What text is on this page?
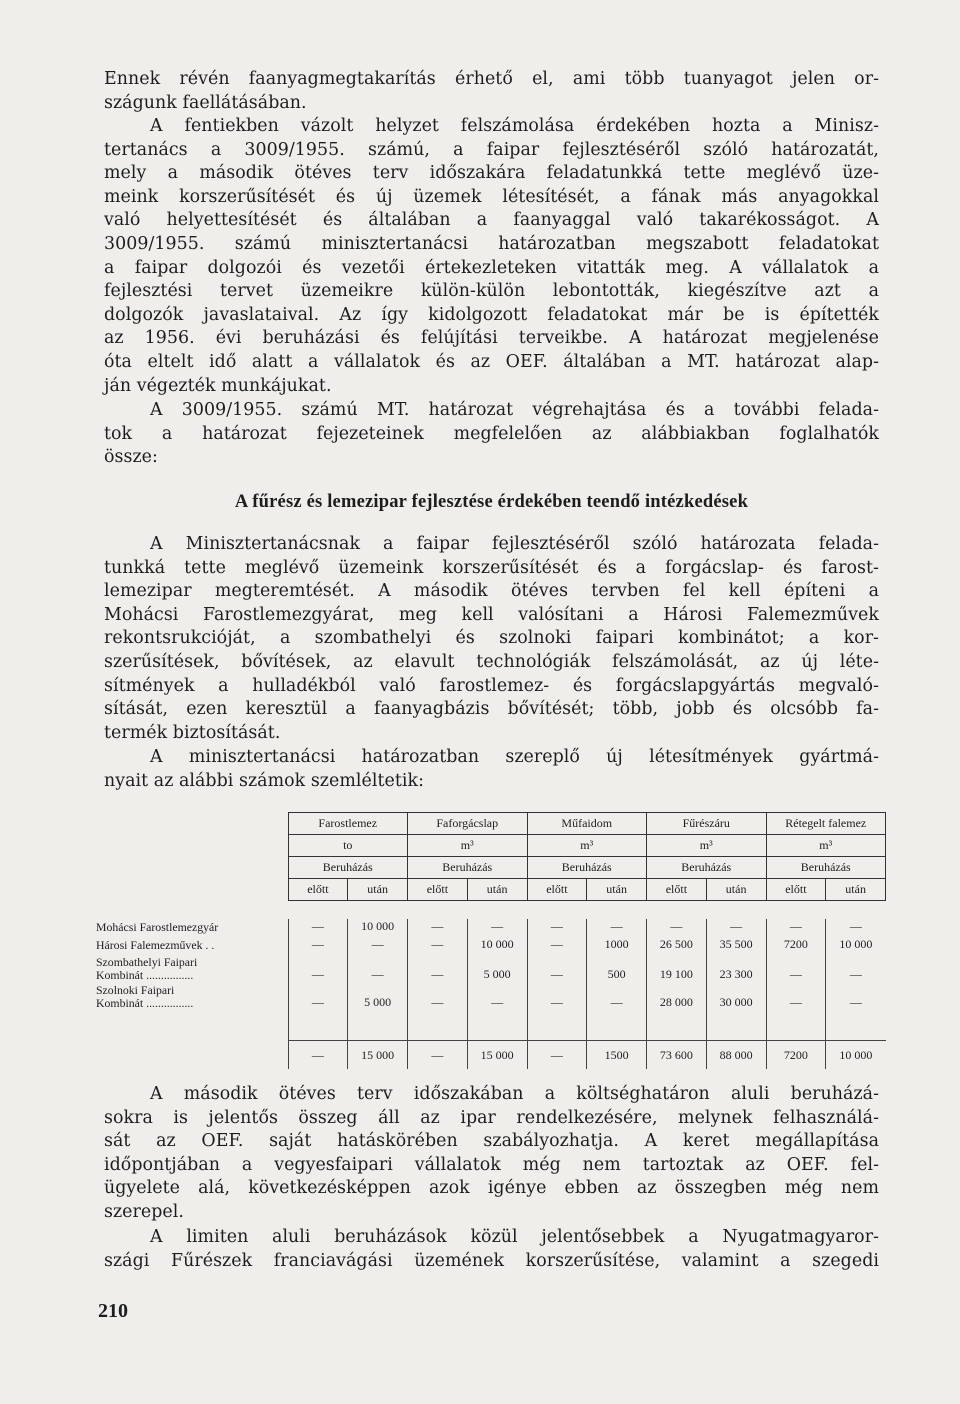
Ennek révén faanyagmegtakarítás érhető el, ami több tuanyagot jelen or-
szágunk faellátásában.
A fentiekben vázolt helyzet felszámolása érdekében hozta a Minisz-
tertanács a 3009/1955. számú, a faipar fejlesztéséről szóló határozatát,
mely a második ötéves terv időszakára feladatunkká tette meglévő üze-
meink korszerűsítését és új üzemek létesítését, a fának más anyagokkal
való helyettesítését és általában a faanyaggal való takarékosságot. A
3009/1955. számú minisztertanácsi határozatban megszabott feladatokat
a faipar dolgozói és vezetői értekezleteken vitatták meg. A vállalatok a
fejlesztési tervet üzemeikre külön-külön lebontották, kiegészítve azt a
dolgozók javaslataival. Az így kidolgozott feladatokat már be is építették
az 1956. évi beruházási és felújítási terveikbe. A határozat megjelenése
óta eltelt idő alatt a vállalatok és az OEF. általában a MT. határozat alap-
ján végezték munkájukat.
A 3009/1955. számú MT. határozat végrehajtása és a további felada-
tok a határozat fejezeteinek megfelelően az alábbiakban foglalhatók
össze:
A fűrész és lemezipar fejlesztése érdekében teendő intézkedések
A Minisztertanácsnak a faipar fejlesztéséről szóló határozata felada-
tunkká tette meglévő üzemeink korszerűsítését és a forgácslap- és farost-
lemezipar megteremtését. A második ötéves tervben fel kell építeni a
Mohácsi Farostlemezgyárat, meg kell valósítani a Hárosi Falemezművek
rekontsrukcióját, a szombathelyi és szolnoki faipari kombinátot; a kor-
szerűsítések, bővítések, az elavult technológiák felszámolását, az új léte-
sítmények a hulladékból való farostlemez- és forgácslapgyártás megvaló-
sítását, ezen keresztül a faanyagbázis bővítését; több, jobb és olcsóbb fa-
termék biztosítását.
A minisztertanácsi határozatban szereplő új létesítmények gyártmá-
nyait az alábbi számok szemléltetik:
	Farostlemez		Faforgácslap		Műfaidom		Fűrészáru		Rétegelt falemez	
	to		m³		m³		m³		m³	
	Beruházás		Beruházás		Beruházás		Beruházás		Beruházás	
	előtt	után	előtt	után	előtt	után	előtt	után	előtt	után

Mohácsi Farostlemezgyár	—	10 000	—	—	—	—	—	—	—	—

Hárosi Falemezművek . .	—	—	—	10 000	—	1000	26 500	35 500	7200	10 000

Szombathelyi Faipari
Kombinát ................	—	—	—	5 000	—	500	19 100	23 300	—	—

Szolnoki Faipari
Kombinát ................	—	5 000	—	—	—	—	28 000	30 000	—	—

	—	15 000	—	15 000	—	1500	73 600	88 000	7200	10 000
A második ötéves terv időszakában a költséghatáron aluli beruházá-
sokra is jelentős összeg áll az ipar rendelkezésére, melynek felhasználá-
sát az OEF. saját hatáskörében szabályozhatja. A keret megállapítása
időpontjában a vegyesfaipari vállalatok még nem tartoztak az OEF. fel-
ügyelete alá, következésképpen azok igénye ebben az összegben még nem
szerepel.
A limiten aluli beruházások közül jelentősebbek a Nyugatmagyaror-
szági Fűrészek franciavágási üzemének korszerűsítése, valamint a szegedi
210
